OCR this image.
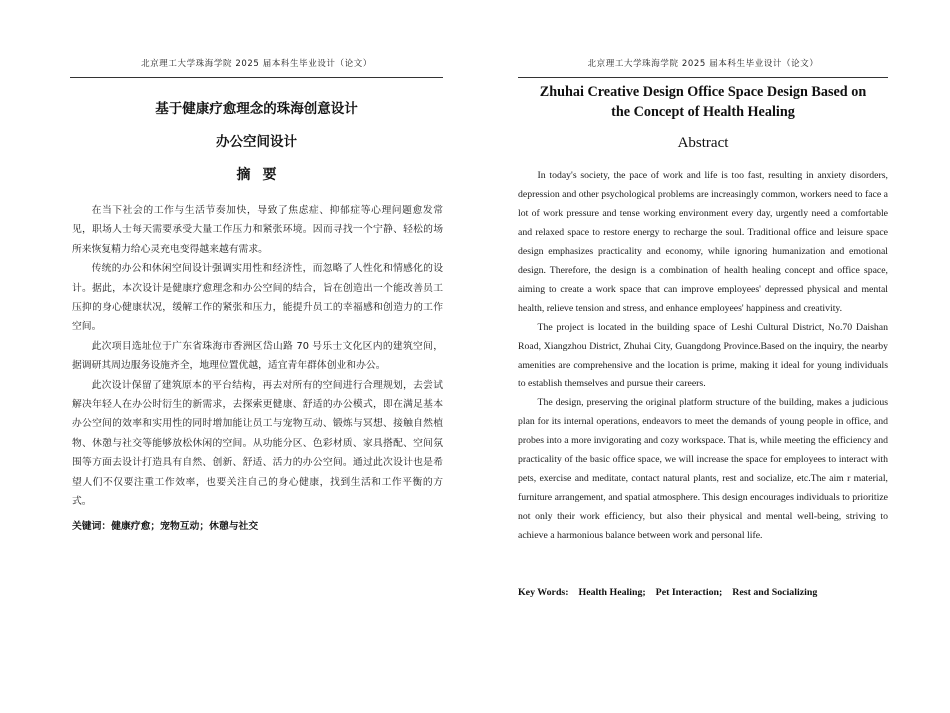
北京理工大学珠海学院 2025 届本科生毕业设计（论文）
基于健康疗愈理念的珠海创意设计
办公空间设计
摘要

在当下社会的工作与生活节奏加快，导致了焦虑症、抑郁症等心理问题愈发常见，职场人士每天需要承受大量工作压力和紧张环境。因而寻找一个宁静、轻松的场所来恢复精力给心灵充电变得越来越有需求。

传统的办公和休闲空间设计强调实用性和经济性，而忽略了人性化和情感化的设计。据此，本次设计是健康疗愈理念和办公空间的结合，旨在创造出一个能改善员工压抑的身心健康状况，缓解工作的紧张和压力，能提升员工的幸福感和创造力的工作空间。

此次项目选址位于广东省珠海市香洲区岱山路 70 号乐士文化区内的建筑空间，据调研其周边服务设施齐全，地理位置优越，适宜青年群体创业和办公。

此次设计保留了建筑原本的平台结构，再去对所有的空间进行合理规划，去尝试解决年轻人在办公时衍生的新需求，去探索更健康、舒适的办公模式，即在满足基本办公空间的效率和实用性的同时增加能让员工与宠物互动、锻炼与冥想、接触自然植物、休憩与社交等能够放松休闲的空间。从功能分区、色彩材质、家具搭配、空间氛围等方面去设计打造具有自然、创新、舒适、活力的办公空间。通过此次设计也是希望人们不仅要注重工作效率，也要关注自己的身心健康，找到生活和工作平衡的方式。

关键词：健康疗愈；宠物互动；休憩与社交
北京理工大学珠海学院 2025 届本科生毕业设计（论文）
Zhuhai Creative Design Office Space Design Based on
the Concept of Health Healing
Abstract

In today's society, the pace of work and life is too fast, resulting in anxiety disorders, depression and other psychological problems are increasingly common, workers need to face a lot of work pressure and tense working environment every day, urgently need a comfortable and relaxed space to restore energy to recharge the soul. Traditional office and leisure space design emphasizes practicality and economy, while ignoring humanization and emotional design. Therefore, the design is a combination of health healing concept and office space, aiming to create a work space that can improve employees' depressed physical and mental health, relieve tension and stress, and enhance employees' happiness and creativity.

The project is located in the building space of Leshi Cultural District, No.70 Daishan Road, Xiangzhou District, Zhuhai City, Guangdong Province.Based on the inquiry, the nearby amenities are comprehensive and the location is prime, making it ideal for young individuals to establish themselves and pursue their careers.

The design, preserving the original platform structure of the building, makes a judicious plan for its internal operations, endeavors to meet the demands of young people in office, and probes into a more invigorating and cozy workspace. That is, while meeting the efficiency and practicality of the basic office space, we will increase the space for employees to interact with pets, exercise and meditate, contact natural plants, rest and socialize, etc.The aim r material, furniture arrangement, and spatial atmosphere. This design encourages individuals to prioritize not only their work efficiency, but also their physical and mental well-being, striving to achieve a harmonious balance between work and personal life.

Key Words: Health Healing; Pet Interaction; Rest and Socializing
